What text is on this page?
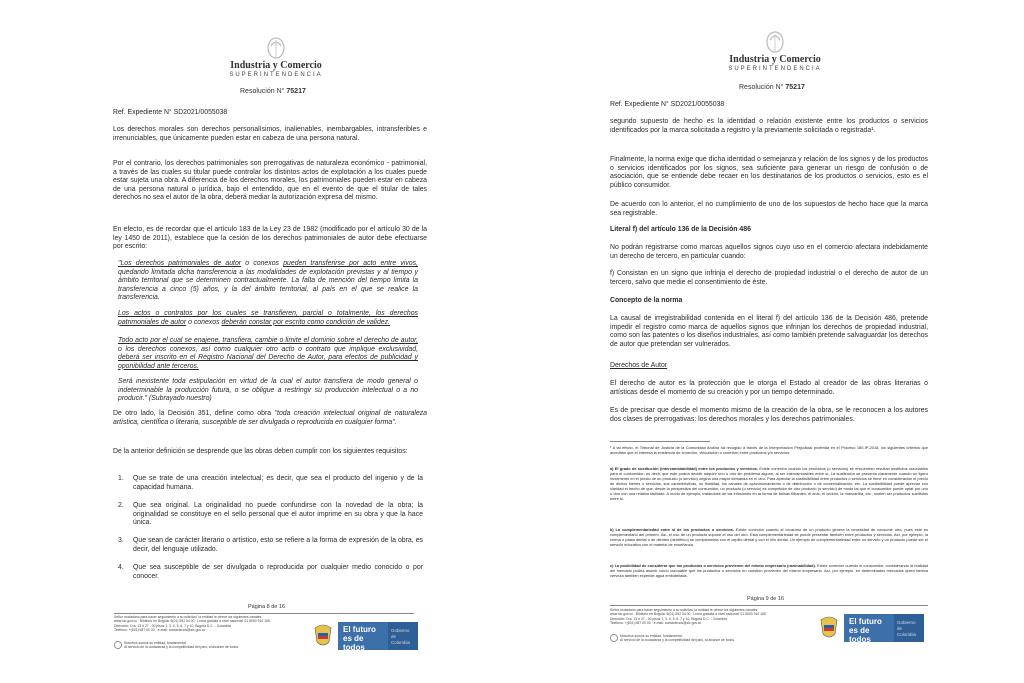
Industria y Comercio
SUPERINTENDENCIA
Resolución N° 75217

Ref. Expediente N° SD2021/0055038

Los derechos morales son derechos personalísimos, inalienables, inembargables, intransferibles e irrenunciables, que únicamente pueden estar en cabeza de una persona natural.

Por el contrario, los derechos patrimoniales son prerrogativas de naturaleza económico - patrimonial, a través de las cuales su titular puede controlar los distintos actos de explotación a los cuales puede estar sujeta una obra. A diferencia de los derechos morales, los patrimoniales pueden estar en cabeza de una persona natural o jurídica, bajo el entendido, que en el evento de que el titular de tales derechos no sea el autor de la obra, deberá mediar la autorización expresa del mismo.

En efecto, es de recordar que el artículo 183 de la Ley 23 de 1982 (modificado por el artículo 30 de la ley 1450 de 2011), establece que la cesión de los derechos patrimoniales de autor debe efectuarse por escrito:

"Los derechos patrimoniales de autor o conexos pueden transferirse por acto entre vivos, quedando limitada dicha transferencia a las modalidades de explotación previstas y al tiempo y ámbito territorial que se determinen contractualmente. La falta de mención del tiempo limita la transferencia a cinco (5) años, y la del ámbito territorial, al país en el que se realice la transferencia.

Los actos o contratos por los cuales se transfieren, parcial o totalmente, los derechos patrimoniales de autor o conexos deberán constar por escrito como condición de validez.

Todo acto por el cual se enajene, transfiera, cambie o limite el dominio sobre el derecho de autor, o los derechos conexos, así como cualquier otro acto o contrato que implique exclusividad, deberá ser inscrito en el Registro Nacional del Derecho de Autor, para efectos de publicidad y oponibilidad ante terceros.

Será inexistente toda estipulación en virtud de la cual el autor transfiera de modo general o indeterminable la producción futura, o se obligue a restringir su producción intelectual o a no producir." (Subrayado nuestro)

De otro lado, la Decisión 351, define como obra "toda creación intelectual original de naturaleza artística, científica o literaria, susceptible de ser divulgada o reproducida en cualquier forma".

De la anterior definición se desprende que las obras deben cumplir con los siguientes requisitos:

1. Que se trate de una creación intelectual; es decir, que sea el producto del ingenio y de la capacidad humana.

2. Que sea original. La originalidad no puede confundirse con la novedad de la obra; la originalidad se constituye en el sello personal que el autor imprime en su obra y que la hace única.

3. Que sean de carácter literario o artístico, esto se refiere a la forma de expresión de la obra, es decir, del lenguaje utilizado.

4. Que sea susceptible de ser divulgada o reproducida por cualquier medio conocido o por conocer.

Página 8 de 16
Señor ciudadano para hacer seguimiento a su solicitud, la entidad le ofrece los siguientes canales:
www.sic.gov.co · Bildfono en Bogotá: 6(01) 592 04 00 · Línea gratuita a nivel nacional: 01 8000 910 165
Dirección: Cra. 13 # 27 - 00 pisos 1, 3, 4, 5, 6, 7 y 10, Bogotá D.C. - Colombia
Teléfono: +(601) 587 00 00 · e-mail: contactenos@sic.gov.co
Nosotros somos su entidad, fundamental.
Al servicio de la ciudadanía y la competitividad del país, al alcance de todos.
El futuro
es de todos
Gobierno
de Colombia
Industria y Comercio
SUPERINTENDENCIA
Resolución N° 75217

Ref. Expediente N° SD2021/0055038

segundo supuesto de hecho es la identidad o relación existente entre los productos o servicios identificados por la marca solicitada a registro y la previamente solicitada o registrada¹.

Finalmente, la norma exige que dicha identidad o semejanza y relación de los signos y de los productos o servicios identificados por los signos, sea suficiente para generar un riesgo de confusión o de asociación, que se entiende debe recaer en los destinatarios de los productos o servicios, esto es el público consumidor.

De acuerdo con lo anterior, el no cumplimiento de uno de los supuestos de hecho hace que la marca sea registrable.

Literal f) del artículo 136 de la Decisión 486

No podrán registrarse como marcas aquellos signos cuyo uso en el comercio afectara indebidamente un derecho de tercero, en particular cuando:

f) Consistan en un signo que infrinja el derecho de propiedad industrial o el derecho de autor de un tercero, salvo que medie el consentimiento de éste.

Concepto de la norma

La causal de irregistrabilidad contenida en el literal f) del artículo 136 de la Decisión 486, pretende impedir el registro como marca de aquellos signos que infrinjan los derechos de propiedad industrial, como son las patentes o los diseños industriales, así como también pretende salvaguardar los derechos de autor que pretendan ser vulnerados.

Derechos de Autor

El derecho de autor es la protección que le otorga el Estado al creador de las obras literarias o artísticas desde el momento de su creación y por un tiempo determinado.

Es de precisar que desde el momento mismo de la creación de la obra, se le reconocen a los autores dos clases de prerrogativas: los derechos morales y los derechos patrimoniales.

¹ A tal efecto, el Tribunal de Justicia de la Comunidad Andina ha recogido a través de la Interpretación Prejudicial proferida en el Proceso 180-IP-2018, los siguientes criterios que acreditan que el interesa la existencia de conexión, vinculación o conexión entre productos y/o servicios:

a) El grado de sustitución (intercambiabilidad) entre los productos y servicios. Existe conexión cuando los productos (o servicios) se encuentran resultan sustitutos razonables para el consumidor; es decir, que este podría decidir adquirir uno u otro sin problema alguno, al ser intercambiables entre sí. La sustitución se presenta claramente cuando un ligero incremento en el precio de un producto (o servicio) origina una mayor demanda en el otro. Para apreciar la sustituibilidad entre productos o servicios se tiene en consideración el precio de dichos bienes o servicios, sus características, su finalidad, los canales de aprovisionamiento o de distribución o de comercialización, etc. La sustituibilidad puede apreciar con claridad el hecho de que, desde la perspectiva del consumidor, un producto (o servicio) es competidor de otro producto (o servicio) de modo tal que el consumidor puede optar por uno u otro con una relativa facilidad. A modo de ejemplo, tratándose de las infusiones en la forma de bolsas filtrantes, el anís, el cedrón, la manzanilla, etc., suelen ser productos sustitutos entre sí.

b) La complementariedad entre sí de los productos o servicios. Existe conexión cuando el consumo de un producto genera la necesidad de consumir otro, pues este es complementario del primero. Así, el uso de un producto supone el uso del otro. Esta complementariedad se puede presentar también entre productos y servicios. Así, por ejemplo, la crema o pasta dental o de dientes (dentífrico) se complementa con el cepillo dental y con el hilo dental. Un ejemplo de complementariedad entre un servicio y un producto puede ser el servicio educativo con el material de enseñanza.

c) La posibilidad de considerar que los productos o servicios provienen del mismo empresario (razonabilidad). Existe conexión cuando el consumidor, considerando la realidad del mercado podría asumir como razonable que los productos o servicios en cuestión provienen del mismo empresario. Así, por ejemplo, en determinados mercados quien fabrica cerveza también expende agua embotellada.

Página 9 de 16
Señor ciudadano para hacer seguimiento a su solicitud, la entidad le ofrece los siguientes canales:
www.sic.gov.co · Bildfono en Bogotá: 6(01) 592 04 00 · Línea gratuita a nivel nacional: 01 8000 910 165
Dirección: Cra. 13 # 27 - 00 pisos 1, 3, 4, 5, 6, 7 y 10, Bogotá D.C. - Colombia
Teléfono: +(601) 587 00 00 · e-mail: contactenos@sic.gov.co
Nosotros somos su entidad, fundamental.
Al servicio de la ciudadanía y la competitividad del país, al alcance de todos.
El futuro
es de todos
Gobierno
de Colombia
